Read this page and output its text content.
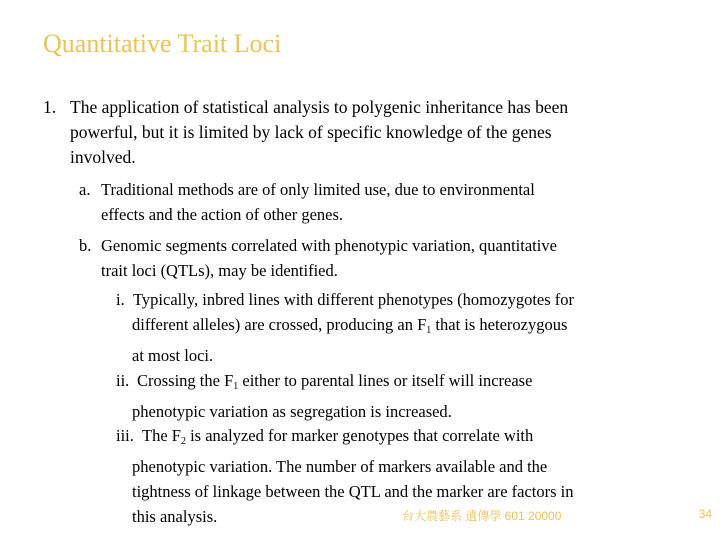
Quantitative Trait Loci
1. The application of statistical analysis to polygenic inheritance has been
powerful, but it is limited by lack of specific knowledge of the genes
involved.
a. Traditional methods are of only limited use, due to environmental
effects and the action of other genes.
b. Genomic segments correlated with phenotypic variation, quantitative
trait loci (QTLs), may be identified.
i. Typically, inbred lines with different phenotypes (homozygotes for
different alleles) are crossed, producing an $F_1$ that is heterozygous
at most loci.
ii. Crossing the $F_1$ either to parental lines or itself will increase
phenotypic variation as segregation is increased.
iii. The $F_2$ is analyzed for marker genotypes that correlate with
phenotypic variation. The number of markers available and the
tightness of linkage between the QTL and the marker are factors in
this analysis.	台大農藝系 遺傳學 601 20000	34
